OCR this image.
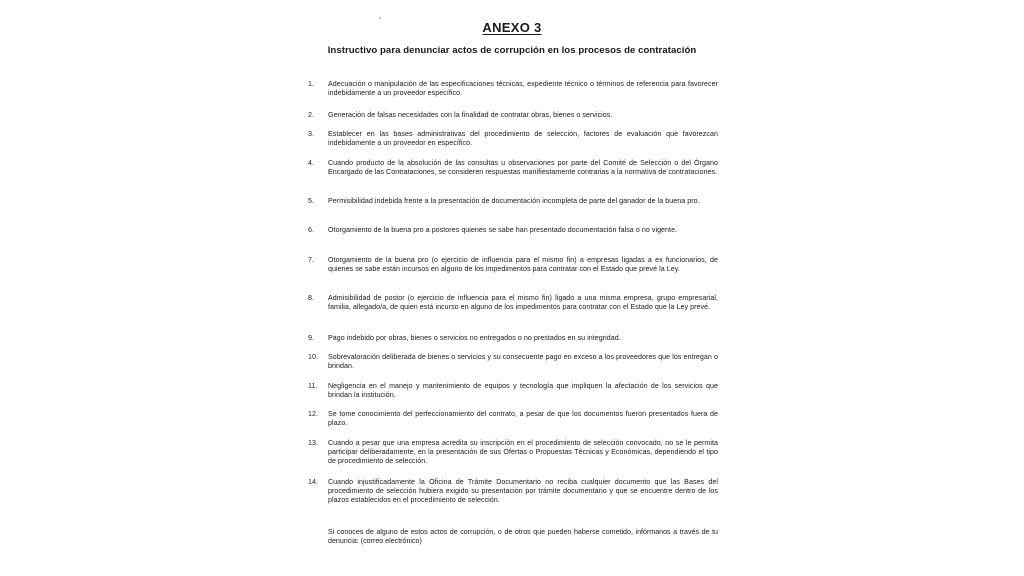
ANEXO 3
Instructivo para denunciar actos de corrupción en los procesos de contratación
1.	Adecuación o manipulación de las especificaciones técnicas, expediente técnico o términos de referencia para favorecer indebidamente a un proveedor específico.
2.	Generación de falsas necesidades con la finalidad de contratar obras, bienes o servicios.
3.	Establecer en las bases administrativas del procedimiento de selección, factores de evaluación que favorezcan indebidamente a un proveedor en específico.
4.	Cuando producto de la absolución de las consultas u observaciones por parte del Comité de Selección o del Órgano Encargado de las Contrataciones, se consideren respuestas manifiestamente contrarias a la normativa de contrataciones.
5.	Permisibilidad indebida frente a la presentación de documentación incompleta de parte del ganador de la buena pro.
6.	Otorgamiento de la buena pro a postores quienes se sabe han presentado documentación falsa o no vigente.
7.	Otorgamiento de la buena pro (o ejercicio de influencia para el mismo fin) a empresas ligadas a ex funcionarios, de quienes se sabe están incursos en alguno de los impedimentos para contratar con el Estado que prevé la Ley.
8.	Admisibilidad de postor (o ejercicio de influencia para el mismo fin) ligado a una misma empresa, grupo empresarial, familia, allegado/a, de quien está incurso en alguno de los impedimentos para contratar con el Estado que la Ley prevé.
9.	Pago indebido por obras, bienes o servicios no entregados o no prestados en su integridad.
10.	Sobrevaloración deliberada de bienes o servicios y su consecuente pago en exceso a los proveedores que los entregan o brindan.
11.	Negligencia en el manejo y mantenimiento de equipos y tecnología que impliquen la afectación de los servicios que brindan la institución.
12.	Se tome conocimiento del perfeccionamiento del contrato, a pesar de que los documentos fueron presentados fuera de plazo.
13.	Cuando a pesar que una empresa acredita su inscripción en el procedimiento de selección convocado, no se le permita participar deliberadamente, en la presentación de sus Ofertas o Propuestas Técnicas y Económicas, dependiendo el tipo de procedimiento de selección.
14.	Cuando injustificadamente la Oficina de Trámite Documentario no reciba cualquier documento que las Bases del procedimiento de selección hubiera exigido su presentación por trámite documentario y que se encuentre dentro de los plazos establecidos en el procedimiento de selección.
Si conoces de alguno de estos actos de corrupción, o de otros que pueden haberse cometido, infórmanos a través de tu denuncia: (correo electrónico)
